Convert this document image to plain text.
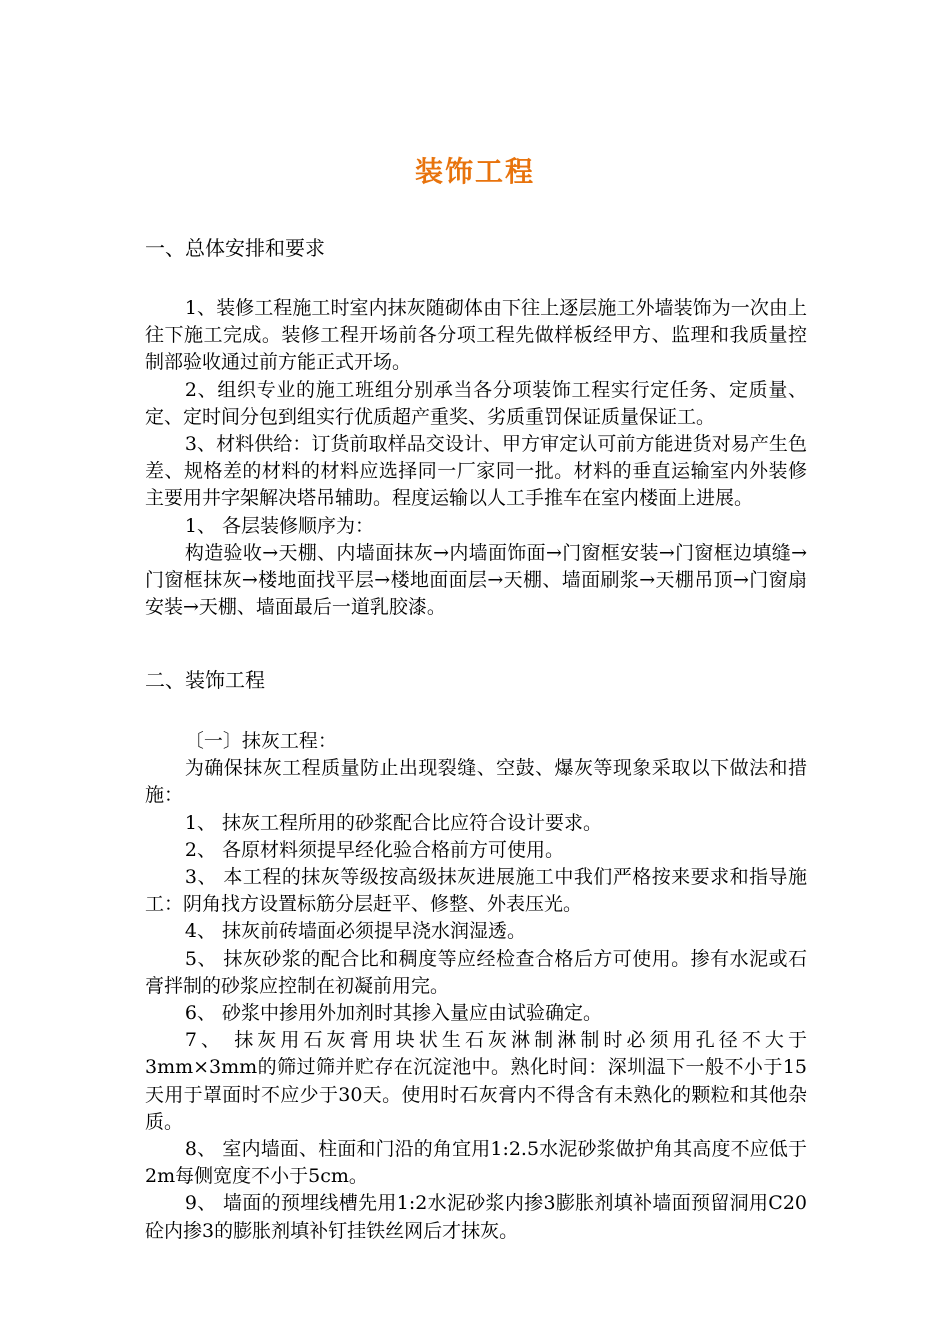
装饰工程
一、总体安排和要求

1、装修工程施工时室内抹灰随砌体由下往上逐层施工外墙装饰为一次由上往下施工完成。装修工程开场前各分项工程先做样板经甲方、监理和我质量控制部验收通过前方能正式开场。

2、组织专业的施工班组分别承当各分项装饰工程实行定任务、定质量、定、定时间分包到组实行优质超产重奖、劣质重罚保证质量保证工。

3、材料供给：订货前取样品交设计、甲方审定认可前方能进货对易产生色差、规格差的材料的材料应选择同一厂家同一批。材料的垂直运输室内外装修主要用井字架解决塔吊辅助。程度运输以人工手推车在室内楼面上进展。

1、 各层装修顺序为：

构造验收→天棚、内墙面抹灰→内墙面饰面→门窗框安装→门窗框边填缝→门窗框抹灰→楼地面找平层→楼地面面层→天棚、墙面刷浆→天棚吊顶→门窗扇安装→天棚、墙面最后一道乳胶漆。

二、装饰工程

〔一〕抹灰工程：

为确保抹灰工程质量防止出现裂缝、空鼓、爆灰等现象采取以下做法和措施：

1、 抹灰工程所用的砂浆配合比应符合设计要求。

2、 各原材料须提早经化验合格前方可使用。

3、 本工程的抹灰等级按高级抹灰进展施工中我们严格按来要求和指导施工：阴角找方设置标筋分层赶平、修整、外表压光。

4、 抹灰前砖墙面必须提早浇水润湿透。

5、 抹灰砂浆的配合比和稠度等应经检查合格后方可使用。掺有水泥或石膏拌制的砂浆应控制在初凝前用完。

6、 砂浆中掺用外加剂时其掺入量应由试验确定。

7、 抹灰用石灰膏用块状生石灰淋制淋制时必须用孔径不大于3mm×3mm的筛过筛并贮存在沉淀池中。熟化时间：深圳温下一般不小于15天用于罩面时不应少于30天。使用时石灰膏内不得含有未熟化的颗粒和其他杂质。

8、 室内墙面、柱面和门沿的角宜用1:2.5水泥砂浆做护角其高度不应低于2m每侧宽度不小于5cm。

9、 墙面的预埋线槽先用1:2水泥砂浆内掺3膨胀剂填补墙面预留洞用C20砼内掺3的膨胀剂填补钉挂铁丝网后才抹灰。
